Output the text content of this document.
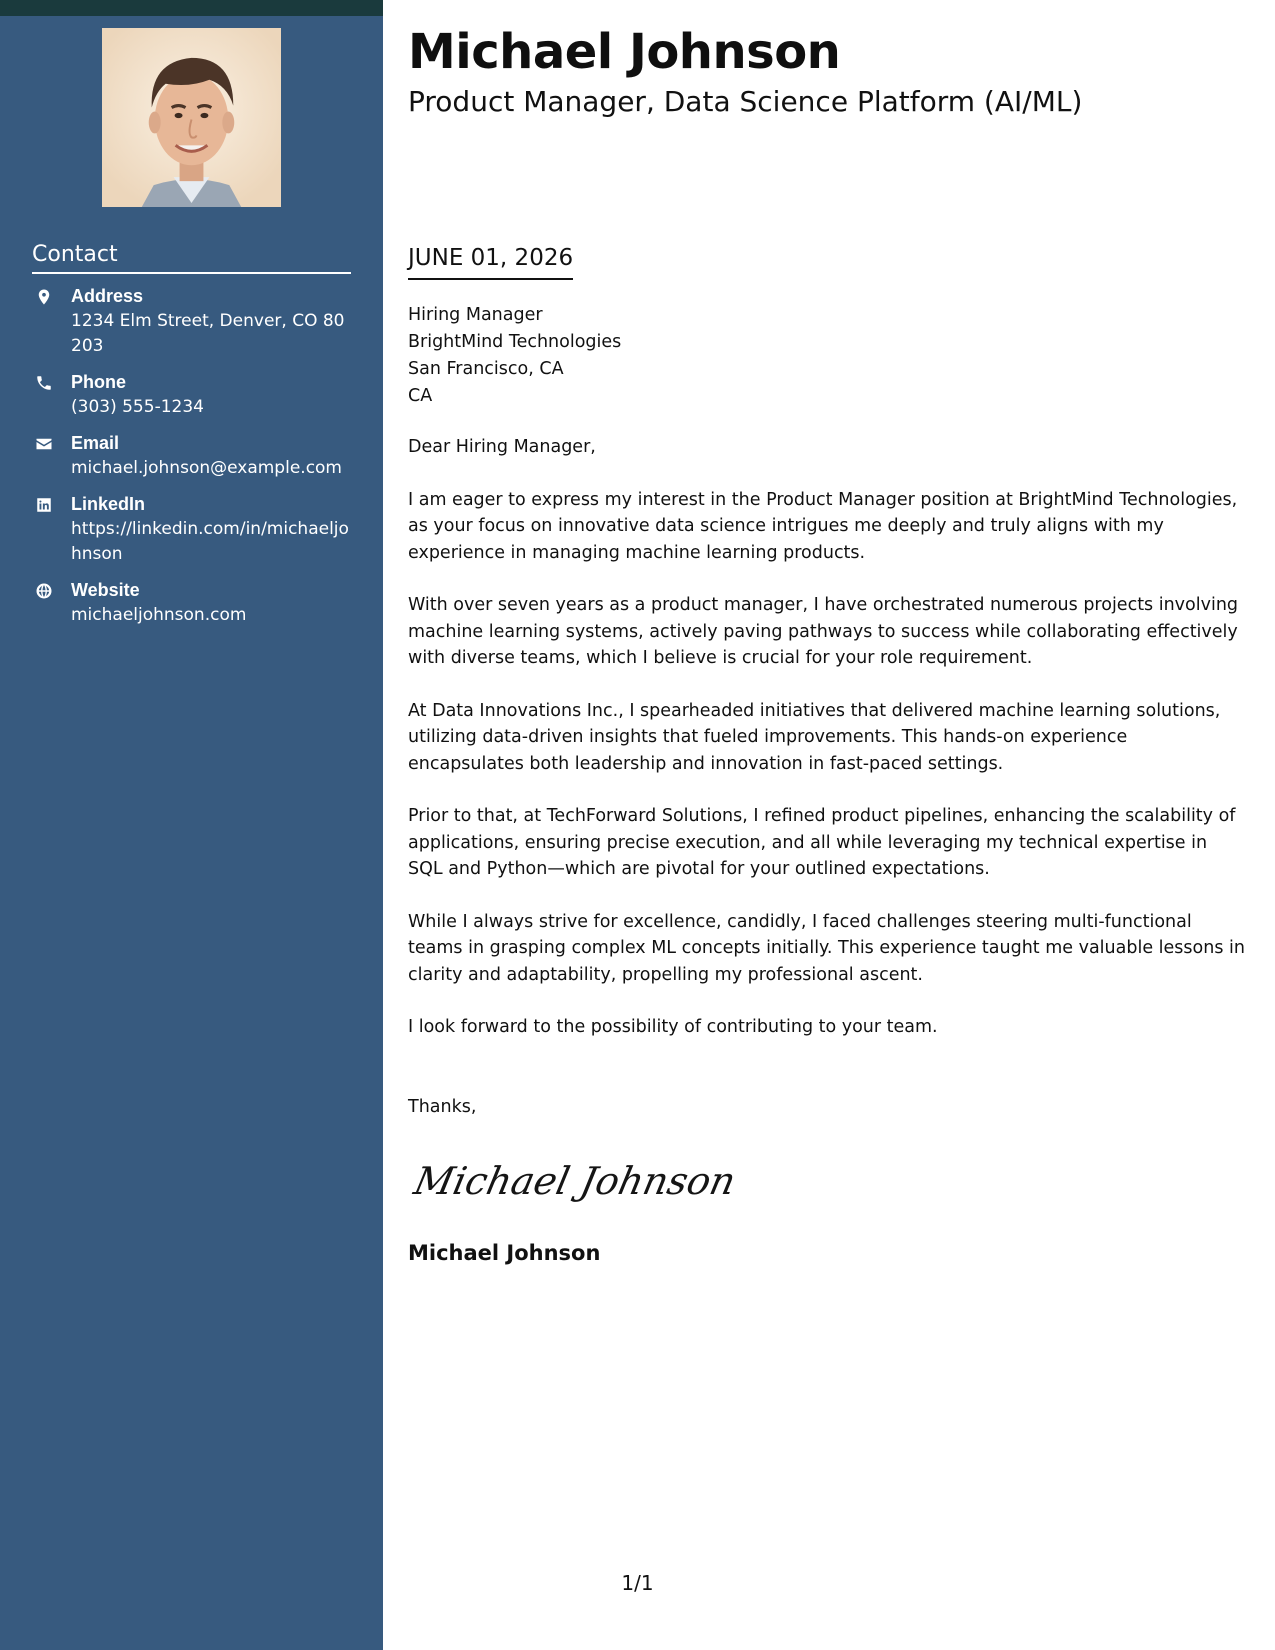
Contact
Address
1234 Elm Street, Denver, CO 80203
Phone
(303) 555-1234
Email
michael.johnson@example.com
LinkedIn
https://linkedin.com/in/michaeljohnson
Website
michaeljohnson.com
Michael Johnson
Product Manager, Data Science Platform (AI/ML)
JUNE 01, 2026
Hiring Manager
BrightMind Technologies
San Francisco, CA
CA

Dear Hiring Manager,

I am eager to express my interest in the Product Manager position at BrightMind Technologies, as your focus on innovative data science intrigues me deeply and truly aligns with my experience in managing machine learning products.

With over seven years as a product manager, I have orchestrated numerous projects involving machine learning systems, actively paving pathways to success while collaborating effectively with diverse teams, which I believe is crucial for your role requirement.

At Data Innovations Inc., I spearheaded initiatives that delivered machine learning solutions, utilizing data-driven insights that fueled improvements. This hands-on experience encapsulates both leadership and innovation in fast-paced settings.

Prior to that, at TechForward Solutions, I refined product pipelines, enhancing the scalability of applications, ensuring precise execution, and all while leveraging my technical expertise in SQL and Python—which are pivotal for your outlined expectations.

While I always strive for excellence, candidly, I faced challenges steering multi-functional teams in grasping complex ML concepts initially. This experience taught me valuable lessons in clarity and adaptability, propelling my professional ascent.

I look forward to the possibility of contributing to your team.

Thanks,
Michael Johnson
Michael Johnson
1/1
